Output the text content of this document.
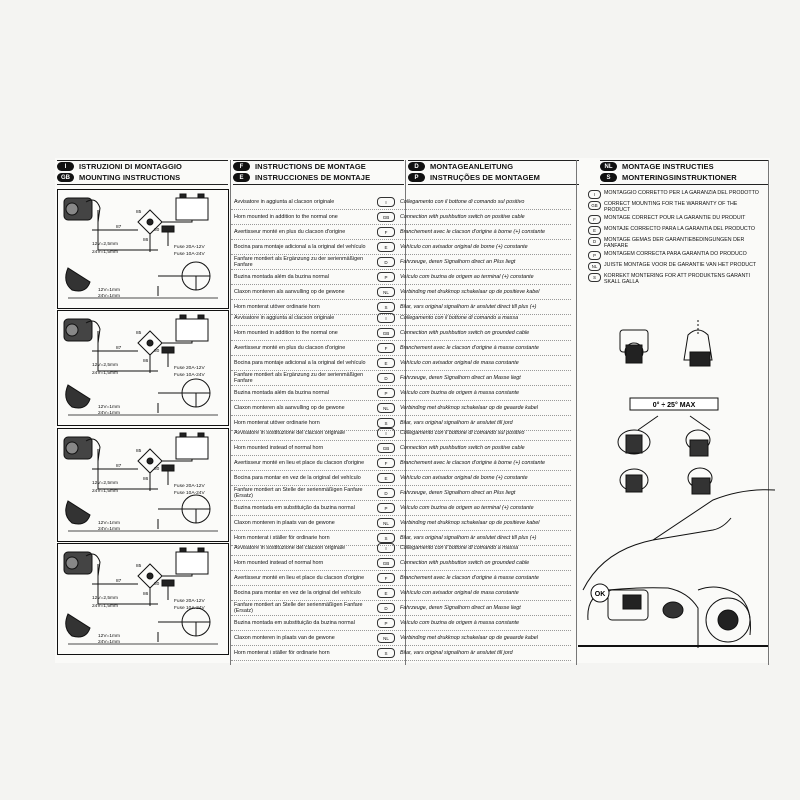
I	ISTRUZIONI DI MONTAGGIO
GB	MOUNTING INSTRUCTIONS
F	INSTRUCTIONS DE MONTAGE
E	INSTRUCCIONES DE MONTAJE
D	MONTAGEANLEITUNG
P	INSTRUÇÕES DE MONTAGEM
NL	MONTAGE INSTRUCTIES
S	MONTERINGSINSTRUKTIONER
87
85
86
30
Fuse 20A-12V
Fuse 10A-24V
12V=2,5mm
24V=1,5mm
12V=1mm
24V=1mm
87
85
86
30
Fuse 20A-12V
Fuse 10A-24V
12V=2,5mm
24V=1,5mm
12V=1mm
24V=1mm
87
85
86
30
Fuse 20A-12V
Fuse 10A-24V
12V=2,5mm
24V=1,5mm
12V=1mm
24V=1mm
87
85
86
30
Fuse 20A-12V
Fuse 10A-24V
12V=2,5mm
24V=1,5mm
12V=1mm
24V=1mm
Avvisatore in aggiunta al clacson originale	I	Collegamento con il bottone di comando sul positivo
Horn mounted in addition to the normal one	GB	Connection with pushbutton switch on positive cable
Avertisseur monté en plus du clacson d'origine	F	Branchement avec le clacson d'origine à borne (+) constante
Bocina para montaje adicional a la original del vehículo	E	Vehículo con avisador original de borne (+) constante
Fanfare montiert als Ergänzung zu der serienmäßigen Fanfare	D	Fahrzeuge, deren Signalhorn direct an Plus liegt
Buzina montada além da buzina normal	P	Veículo com buzina de origem ao terminal (+) constante
Claxon monteren als aanvulling op de gewone	NL	Verbinding met drukknop schakelaar op de positieve kabel
Horn monterat utöver ordinarie horn	S	Bilar, vars original signalhorn är anslutet direct till plus (+)
Avvisatore in aggiunta al clacson originale	I	Collegamento con il bottone di comando a massa
Horn mounted in addition to the normal one	GB	Connection with pushbutton switch on grounded cable
Avertisseur monté en plus du clacson d'origine	F	Branchement avec le clacson d'origine à masse constante
Bocina para montaje adicional a la original del vehículo	E	Vehículo con avisador original de masa constante
Fanfare montiert als Ergänzung zu der serienmäßigen Fanfare	D	Fahrzeuge, deren Signalhorn direct an Masse liegt
Buzina montada além da buzina normal	P	Veículo com buzina de origem à massa constante
Claxon monteren als aanvulling op de gewone	NL	Verbinding met drukknop schakelaar op de geaarde kabel
Horn monterat utöver ordinarie horn	S	Bilar, vars original signalhorn är anslutet till jord
Avvisatore in sostituzione del clacson originale	I	Collegamento con il bottone di comando sul positivo
Horn mounted instead of normal horn	GB	Connection with pushbutton switch on positive cable
Avertisseur monté en lieu et place du clacson d'origine	F	Branchement avec le clacson d'origine à borne (+) constante
Bocina para montar en vez de la original del vehículo	E	Vehículo con avisador original de borne (+) constante
Fanfare montiert an Stelle der serienmäßigen Fanfare (Ersatz)	D	Fahrzeuge, deren Signalhorn direct an Plus liegt
Buzina montada em substituição da buzina normal	P	Veículo com buzina de origem ao terminal (+) constante
Claxon monteren in plaats van de gewone	NL	Verbinding met drukknop schakelaar op de positieve kabel
Horn monterat i ställer för ordinarie horn	S	Bilar, vars original signalhorn är anslutet direct till plus (+)
Avvisatore in sostituzione del clacson originale	I	Collegamento con il bottone di comando a massa
Horn mounted instead of normal horn	GB	Connection with pushbutton switch on grounded cable
Avertisseur monté en lieu et place du clacson d'origine	F	Branchement avec le clacson d'origine à masse constante
Bocina para montar en vez de la original del vehículo	E	Vehículo con avisador original de masa constante
Fanfare montiert an Stelle der serienmäßigen Fanfare (Ersatz)	D	Fahrzeuge, deren Signalhorn direct an Masse liegt
Buzina montada em substituição da buzina normal	P	Veículo com buzina de origem à massa constante
Claxon monteren in plaats van de gewone	NL	Verbinding met drukknop schakelaar op de geaarde kabel
Horn monterat i ställer för ordinarie horn	S	Bilar, vars original signalhorn är anslutet till jord
I	MONTAGGIO CORRETTO PER LA GARANZIA DEL PRODOTTO
GB	CORRECT MOUNTING FOR THE WARRANTY OF THE PRODUCT
F	MONTAGE CORRECT POUR LA GARANTIE DU PRODUIT
E	MONTAJE CORRECTO PARA LA GARANTIA DEL PRODUCTO
D	MONTAGE GEMAS DER GARANTIEBEDINGUNGEN DER FANFARE
P	MONTAGEM CORRECTA PARA GARANTIA DO PRODUCO
NL	JUISTE MONTAGE VOOR DE GARANTIE VAN HET PRODUCT
S	KORREKT MONTERING FOR ATT PRODUKTENS GARANTI SKALL GALLA
0° ÷ 25° MAX
OK
